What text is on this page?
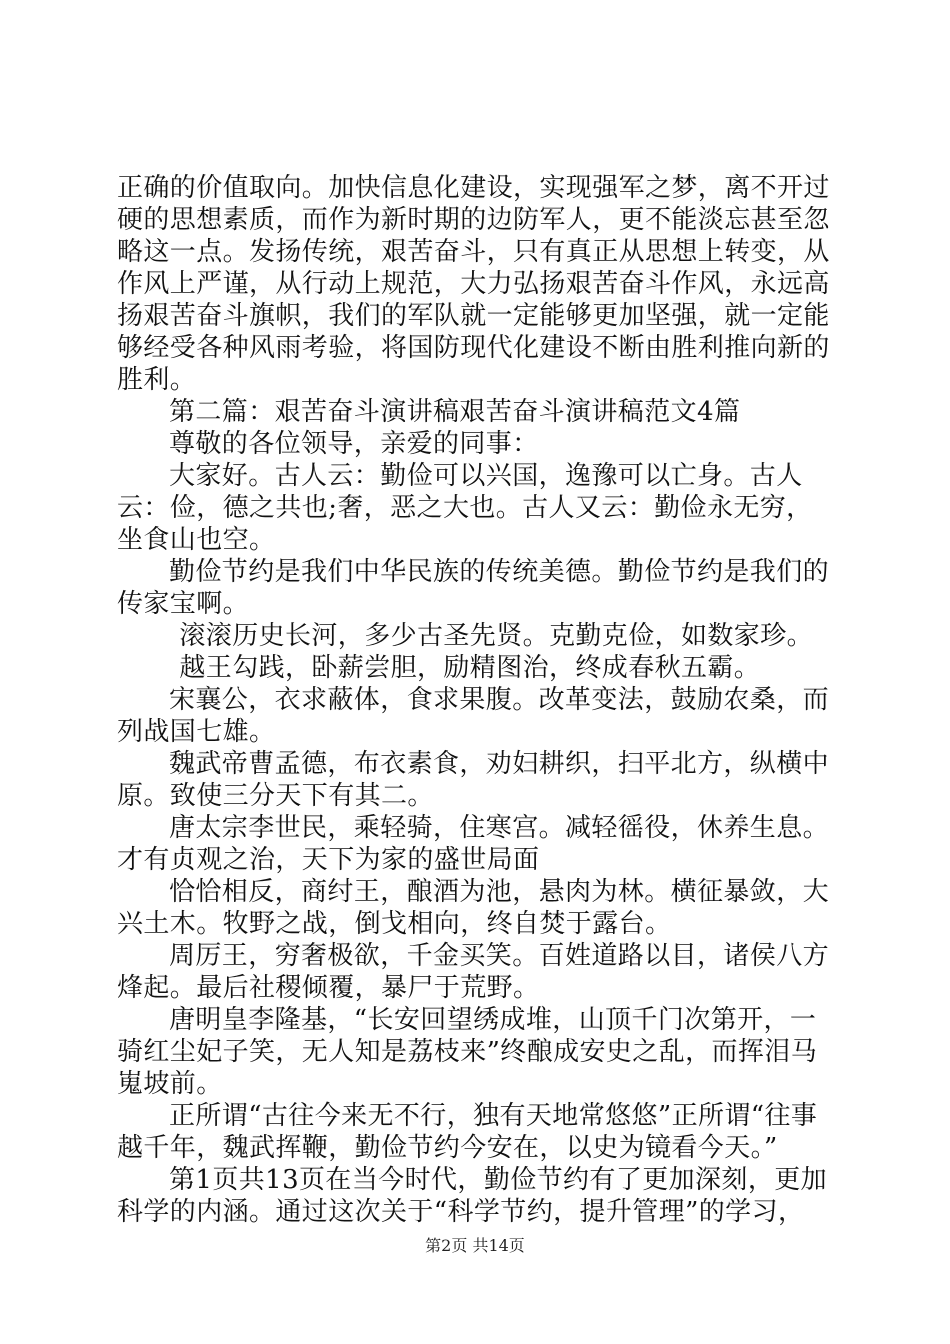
正确的价值取向。加快信息化建设，实现强军之梦，离不开过硬的思想素质，而作为新时期的边防军人，更不能淡忘甚至忽略这一点。发扬传统，艰苦奋斗，只有真正从思想上转变，从作风上严谨，从行动上规范，大力弘扬艰苦奋斗作风，永远高扬艰苦奋斗旗帜，我们的军队就一定能够更加坚强，就一定能够经受各种风雨考验，将国防现代化建设不断由胜利推向新的胜利。

第二篇：艰苦奋斗演讲稿艰苦奋斗演讲稿范文4篇

尊敬的各位领导，亲爱的同事：

大家好。古人云：勤俭可以兴国，逸豫可以亡身。古人云：俭，德之共也;奢，恶之大也。古人又云：勤俭永无穷，坐食山也空。

勤俭节约是我们中华民族的传统美德。勤俭节约是我们的传家宝啊。

滚滚历史长河，多少古圣先贤。克勤克俭，如数家珍。

越王勾践，卧薪尝胆，励精图治，终成春秋五霸。

宋襄公，衣求蔽体，食求果腹。改革变法，鼓励农桑，而列战国七雄。

魏武帝曹孟德，布衣素食，劝妇耕织，扫平北方，纵横中原。致使三分天下有其二。

唐太宗李世民，乘轻骑，住寒宫。减轻徭役，休养生息。才有贞观之治，天下为家的盛世局面

恰恰相反，商纣王，酿酒为池，悬肉为林。横征暴敛，大兴土木。牧野之战，倒戈相向，终自焚于露台。

周厉王，穷奢极欲，千金买笑。百姓道路以目，诸侯八方烽起。最后社稷倾覆，暴尸于荒野。

唐明皇李隆基，“长安回望绣成堆，山顶千门次第开，一骑红尘妃子笑，无人知是荔枝来”终酿成安史之乱，而挥泪马嵬坡前。

正所谓“古往今来无不行，独有天地常悠悠”正所谓“往事越千年，魏武挥鞭，勤俭节约今安在，以史为镜看今天。”

第1页共13页在当今时代，勤俭节约有了更加深刻，更加科学的内涵。通过这次关于“科学节约，提升管理”的学习，

第2页 共14页
